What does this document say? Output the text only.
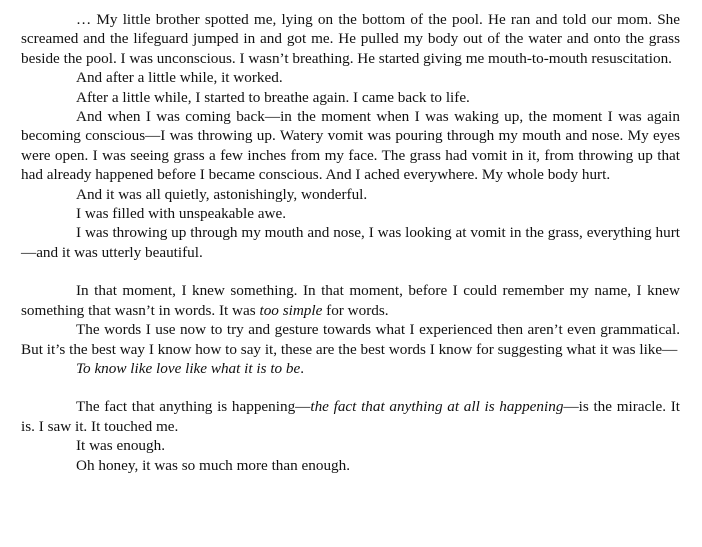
… My little brother spotted me, lying on the bottom of the pool. He ran and told our mom. She screamed and the lifeguard jumped in and got me. He pulled my body out of the water and onto the grass beside the pool. I was unconscious. I wasn’t breathing. He started giving me mouth-to-mouth resuscitation.

And after a little while, it worked.

After a little while, I started to breathe again. I came back to life.

And when I was coming back—in the moment when I was waking up, the moment I was again becoming conscious—I was throwing up. Watery vomit was pouring through my mouth and nose. My eyes were open. I was seeing grass a few inches from my face. The grass had vomit in it, from throwing up that had already happened before I became conscious. And I ached everywhere. My whole body hurt.

And it was all quietly, astonishingly, wonderful.

I was filled with unspeakable awe.

I was throwing up through my mouth and nose, I was looking at vomit in the grass, everything hurt—and it was utterly beautiful.

In that moment, I knew something. In that moment, before I could remember my name, I knew something that wasn’t in words. It was too simple for words.

The words I use now to try and gesture towards what I experienced then aren’t even grammatical. But it’s the best way I know how to say it, these are the best words I know for suggesting what it was like—

To know like love like what it is to be.

The fact that anything is happening—the fact that anything at all is happening—is the miracle. It is. I saw it. It touched me.

It was enough.

Oh honey, it was so much more than enough.
